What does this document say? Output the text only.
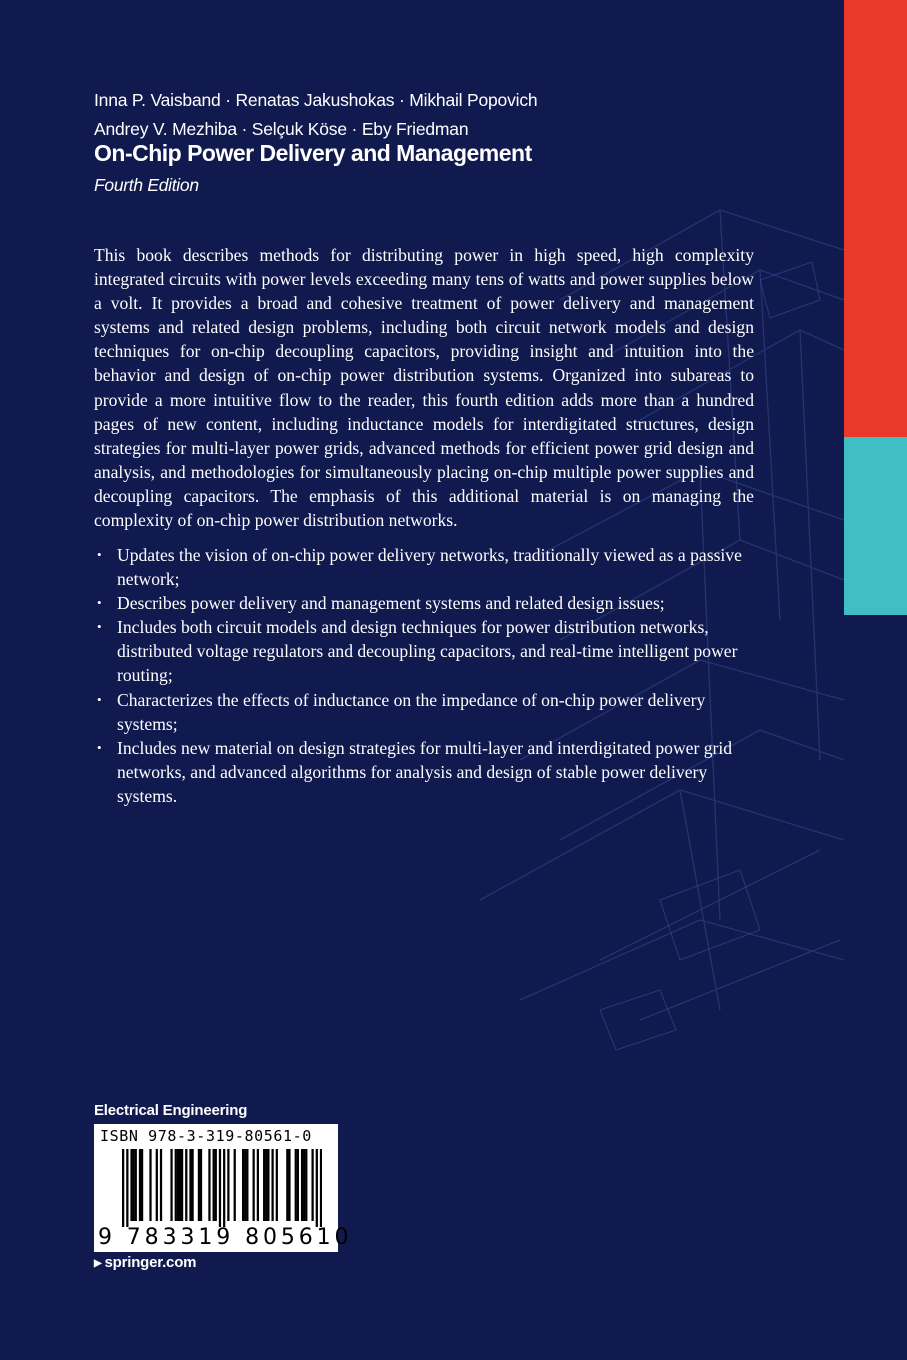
Inna P. Vaisband · Renatas Jakushokas · Mikhail Popovich
Andrey V. Mezhiba · Selçuk Köse · Eby Friedman
On-Chip Power Delivery and Management
Fourth Edition

This book describes methods for distributing power in high speed, high complexity integrated circuits with power levels exceeding many tens of watts and power supplies below a volt. It provides a broad and cohesive treatment of power delivery and management systems and related design problems, including both circuit network models and design techniques for on-chip decoupling capacitors, providing insight and intuition into the behavior and design of on-chip power distribution systems. Organized into subareas to provide a more intuitive flow to the reader, this fourth edition adds more than a hundred pages of new content, including inductance models for interdigitated structures, design strategies for multi-layer power grids, advanced methods for efficient power grid design and analysis, and methodologies for simultaneously placing on-chip multiple power supplies and decoupling capacitors. The emphasis of this additional material is on managing the complexity of on-chip power distribution networks.

• Updates the vision of on-chip power delivery networks, traditionally viewed as a passive network;
• Describes power delivery and management systems and related design issues;
• Includes both circuit models and design techniques for power distribution networks, distributed voltage regulators and decoupling capacitors, and real-time intelligent power routing;
• Characterizes the effects of inductance on the impedance of on-chip power delivery systems;
• Includes new material on design strategies for multi-layer and interdigitated power grid networks, and advanced algorithms for analysis and design of stable power delivery systems.
Electrical Engineering
ISBN 978-3-319-80561-0
9 783319 805610
▶ springer.com
